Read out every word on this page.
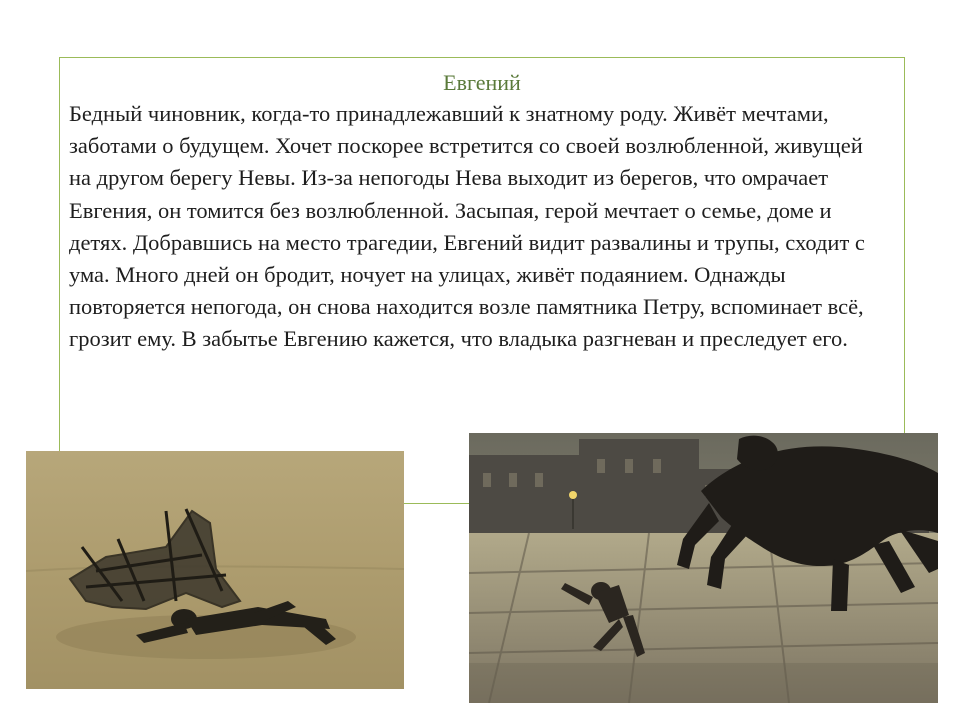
Евгений
Бедный чиновник, когда-то принадлежавший к знатному роду. Живёт мечтами, заботами о будущем. Хочет поскорее встретится со своей возлюбленной, живущей на другом берегу Невы. Из-за непогоды Нева выходит из берегов, что омрачает Евгения, он томится без возлюбленной. Засыпая, герой мечтает о семье, доме и детях. Добравшись на место трагедии, Евгений видит развалины и трупы, сходит с ума. Много дней он бродит, ночует на улицах, живёт подаянием. Однажды повторяется непогода, он снова находится возле памятника Петру, вспоминает всё, грозит ему. В забытье Евгению кажется, что владыка разгневан и преследует его.
